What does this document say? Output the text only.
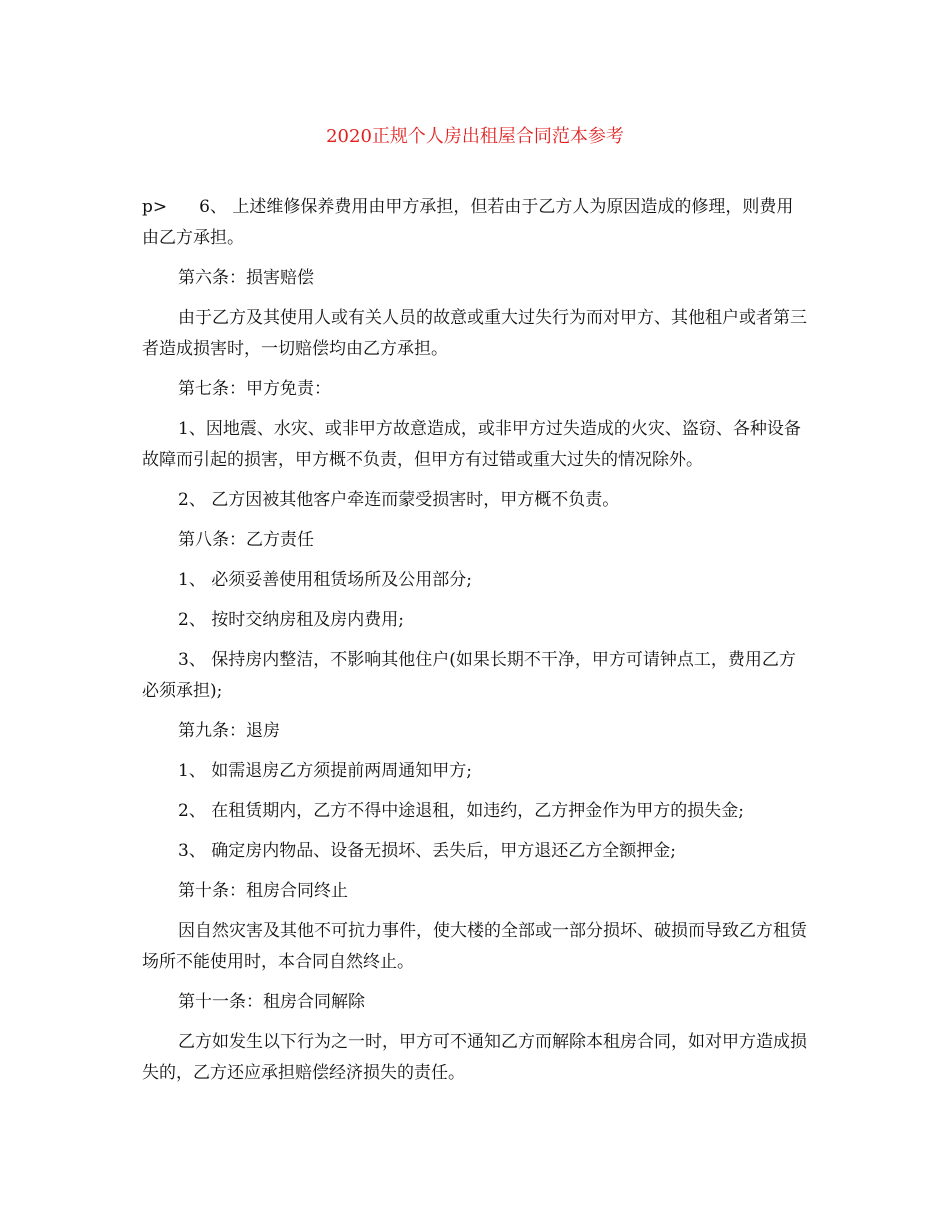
2020正规个人房出租屋合同范本参考

p> 6、 上述维修保养费用由甲方承担，但若由于乙方人为原因造成的修理，则费用由乙方承担。

第六条：损害赔偿

由于乙方及其使用人或有关人员的故意或重大过失行为而对甲方、其他租户或者第三者造成损害时，一切赔偿均由乙方承担。

第七条：甲方免责：

1、因地震、水灾、或非甲方故意造成，或非甲方过失造成的火灾、盗窃、各种设备故障而引起的损害，甲方概不负责，但甲方有过错或重大过失的情况除外。

2、 乙方因被其他客户牵连而蒙受损害时，甲方概不负责。

第八条：乙方责任

1、 必须妥善使用租赁场所及公用部分;

2、 按时交纳房租及房内费用;

3、 保持房内整洁，不影响其他住户(如果长期不干净，甲方可请钟点工，费用乙方必须承担);

第九条：退房

1、 如需退房乙方须提前两周通知甲方;

2、 在租赁期内，乙方不得中途退租，如违约，乙方押金作为甲方的损失金;

3、 确定房内物品、设备无损坏、丢失后，甲方退还乙方全额押金;

第十条：租房合同终止

因自然灾害及其他不可抗力事件，使大楼的全部或一部分损坏、破损而导致乙方租赁场所不能使用时，本合同自然终止。

第十一条：租房合同解除

乙方如发生以下行为之一时，甲方可不通知乙方而解除本租房合同，如对甲方造成损失的，乙方还应承担赔偿经济损失的责任。
